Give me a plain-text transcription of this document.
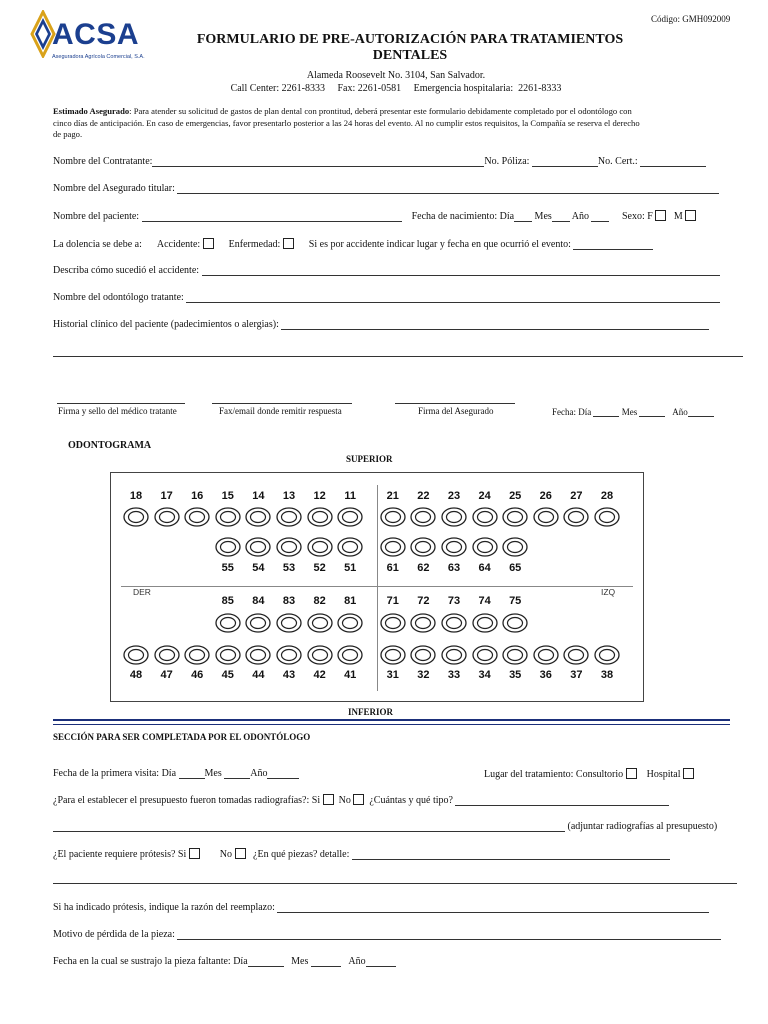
ACSA
Aseguradora Agrícola Comercial, S.A.
Código: GMH092009
FORMULARIO DE PRE-AUTORIZACIÓN PARA TRATAMIENTOS
DENTALES
Alameda Roosevelt No. 3104, San Salvador.
Call Center: 2261-8333     Fax: 2261-0581     Emergencia hospitalaria:  2261-8333
Estimado Asegurado: Para atender su solicitud de gastos de plan dental con prontitud, deberá presentar este formulario debidamente completado por el odontólogo con
cinco días de anticipación. En caso de emergencias, favor presentarlo posterior a las 24 horas del evento. Al no cumplir estos requisitos, la Compañía se reserva el derecho
de pago.
Nombre del Contratante:	No. Póliza:	No. Cert.:
Nombre del Asegurado titular:
Nombre del paciente:	Fecha de nacimiento: Día Mes Año	Sexo: F M
La dolencia se debe a: Accidente:	Enfermedad:	Si es por accidente indicar lugar y fecha en que ocurrió el evento:
Describa cómo sucedió el accidente:
Nombre del odontólogo tratante:
Historial clínico del paciente (padecimientos o alergias):
Firma y sello del médico tratante	Fax/email donde remitir respuesta	Firma del Asegurado	Fecha: Día	Mes	Año
ODONTOGRAMA
SUPERIOR
DER	IZQ
18	17	16	15	14	13	12	11	21	22	23	24	25	26	27	28
55	54	53	52	51	61	62	63	64	65
85	84	83	82	81	71	72	73	74	75
48	47	46	45	44	43	42	41	31	32	33	34	35	36	37	38
INFERIOR
SECCIÓN PARA SER COMPLETADA POR EL ODONTÓLOGO
Fecha de la primera visita: Día	Mes	Año	Lugar del tratamiento: Consultorio Hospital
¿Para el establecer el presupuesto fueron tomadas radiografías?: Si No ¿Cuántas y qué tipo?
(adjuntar radiografías al presupuesto)
¿El paciente requiere prótesis? Si	No ¿En qué piezas? detalle:
Si ha indicado prótesis, indique la razón del reemplazo:
Motivo de pérdida de la pieza:
Fecha en la cual se sustrajo la pieza faltante: Día	Mes	Año
